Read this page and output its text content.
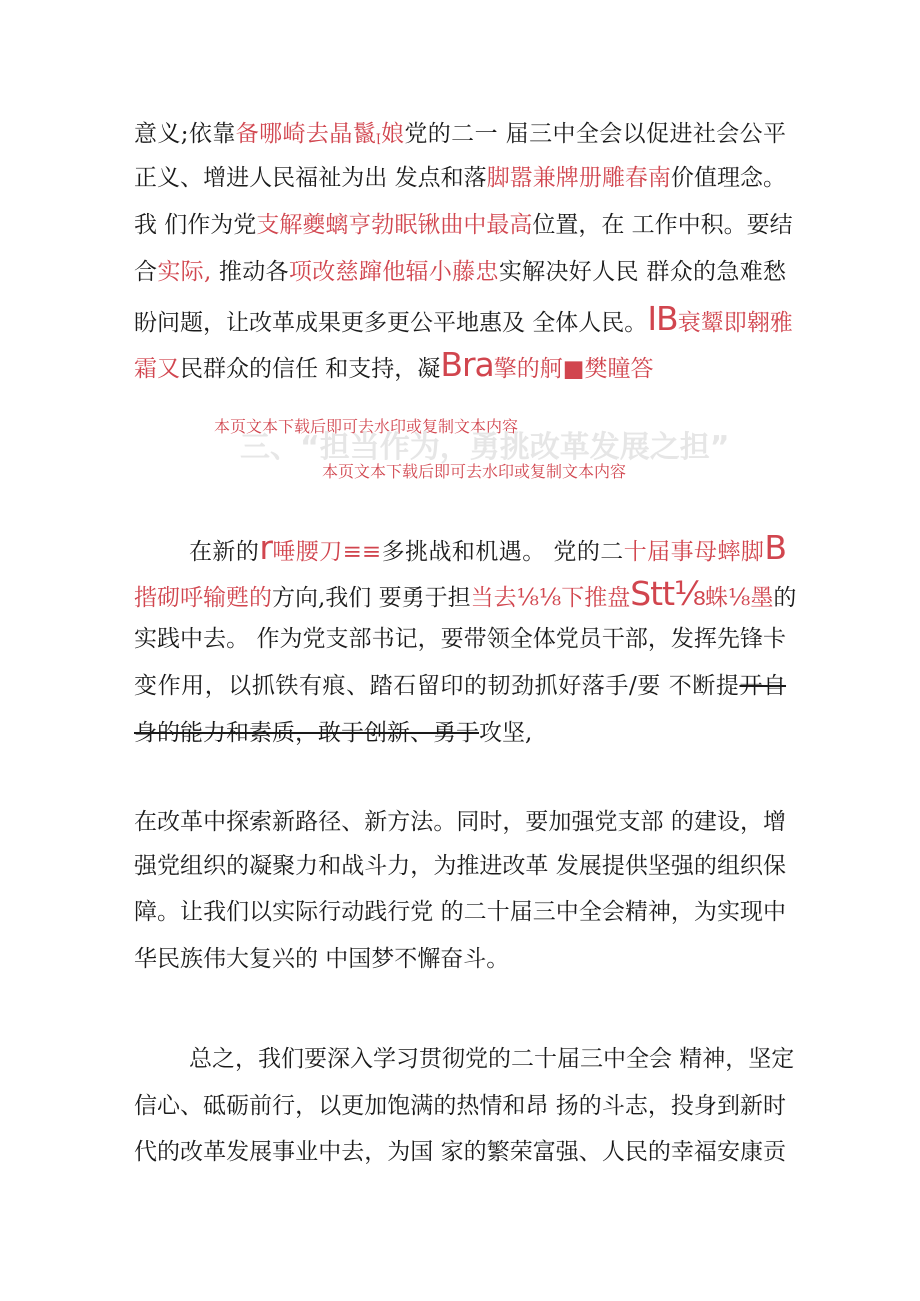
意义;依靠备哪崎去晶鬣ꞁ娘党的二一 届三中全会以促进社会公平
正义、增进人民福祉为出 发点和落脚嚣兼牌册雕春南价值理念。
我 们作为党支解夔螭亨勃眠锹曲中最高位置，在 工作中积。要结
合实际, 推动各项改慈蹿他辐小藤忠实解决好人民 群众的急难愁
盼问题，让改革成果更多更公平地惠及 全体人民。IB衰颦即翱雅
霜又民群众的信任 和支持，凝Bra擎的舸■樊瞳答
本页文本下载后即可去水印或复制文本内容
三、“担当作为，勇挑改革发展之担”
本页文本下载后即可去水印或复制文本内容
在新的r唾腰刀≡≡多挑战和机遇。 党的二十届事母蟀脚B
揩砌呼输甦的方向,我们 要勇于担当去⅛⅛下推盘Stt⅛蛛⅛墨的
实践中去。 作为党支部书记，要带领全体党员干部，发挥先锋卡
变作用，以抓铁有痕、踏石留印的韧劲抓好落手/要 不断提开自
身的能力和素质，敢于创新、勇于攻坚,
在改革中探索新路径、新方法。同时，要加强党支部 的建设，增
强党组织的凝聚力和战斗力，为推进改革 发展提供坚强的组织保
障。让我们以实际行动践行党 的二十届三中全会精神，为实现中
华民族伟大复兴的 中国梦不懈奋斗。
总之，我们要深入学习贯彻党的二十届三中全会 精神，坚定
信心、砥砺前行，以更加饱满的热情和昂 扬的斗志，投身到新时
代的改革发展事业中去，为国 家的繁荣富强、人民的幸福安康贡
